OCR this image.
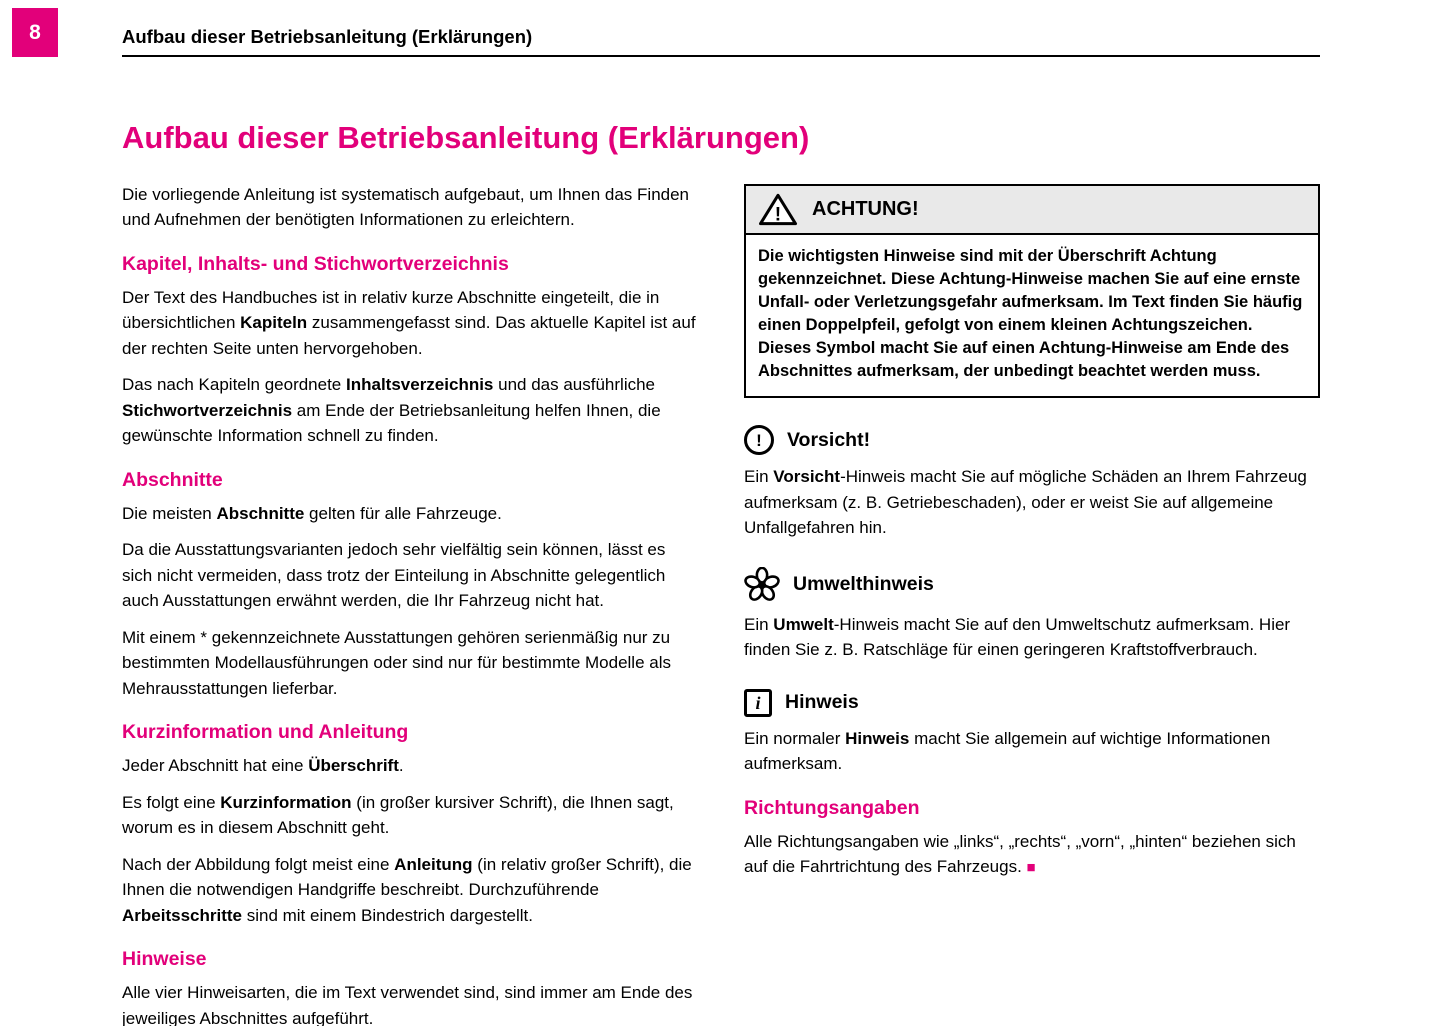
8	Aufbau dieser Betriebsanleitung (Erklärungen)
Aufbau dieser Betriebsanleitung (Erklärungen)

Die vorliegende Anleitung ist systematisch aufgebaut, um Ihnen das Finden und Aufnehmen der benötigten Informationen zu erleichtern.

Kapitel, Inhalts- und Stichwortverzeichnis

Der Text des Handbuches ist in relativ kurze Abschnitte eingeteilt, die in übersichtlichen Kapiteln zusammengefasst sind. Das aktuelle Kapitel ist auf der rechten Seite unten hervorgehoben.

Das nach Kapiteln geordnete Inhaltsverzeichnis und das ausführliche Stichwortverzeichnis am Ende der Betriebsanleitung helfen Ihnen, die gewünschte Information schnell zu finden.

Abschnitte

Die meisten Abschnitte gelten für alle Fahrzeuge.

Da die Ausstattungsvarianten jedoch sehr vielfältig sein können, lässt es sich nicht vermeiden, dass trotz der Einteilung in Abschnitte gelegentlich auch Ausstattungen erwähnt werden, die Ihr Fahrzeug nicht hat.

Mit einem * gekennzeichnete Ausstattungen gehören serienmäßig nur zu bestimmten Modellausführungen oder sind nur für bestimmte Modelle als Mehrausstattungen lieferbar.

Kurzinformation und Anleitung

Jeder Abschnitt hat eine Überschrift.

Es folgt eine Kurzinformation (in großer kursiver Schrift), die Ihnen sagt, worum es in diesem Abschnitt geht.

Nach der Abbildung folgt meist eine Anleitung (in relativ großer Schrift), die Ihnen die notwendigen Handgriffe beschreibt. Durchzuführende Arbeitsschritte sind mit einem Bindestrich dargestellt.

Hinweise

Alle vier Hinweisarten, die im Text verwendet sind, sind immer am Ende des jeweiliges Abschnittes aufgeführt.

! ACHTUNG!
Die wichtigsten Hinweise sind mit der Überschrift Achtung gekennzeichnet. Diese Achtung-Hinweise machen Sie auf eine ernste Unfall- oder Verletzungsgefahr aufmerksam. Im Text finden Sie häufig einen Doppelpfeil, gefolgt von einem kleinen Achtungszeichen. Dieses Symbol macht Sie auf einen Achtung-Hinweise am Ende des Abschnittes aufmerksam, der unbedingt beachtet werden muss.
! Vorsicht!

Ein Vorsicht-Hinweis macht Sie auf mögliche Schäden an Ihrem Fahrzeug aufmerksam (z. B. Getriebeschaden), oder er weist Sie auf allgemeine Unfallgefahren hin.

Umwelthinweis

Ein Umwelt-Hinweis macht Sie auf den Umweltschutz aufmerksam. Hier finden Sie z. B. Ratschläge für einen geringeren Kraftstoffverbrauch.

i Hinweis

Ein normaler Hinweis macht Sie allgemein auf wichtige Informationen aufmerksam.

Richtungsangaben

Alle Richtungsangaben wie „links“, „rechts“, „vorn“, „hinten“ beziehen sich auf die Fahrtrichtung des Fahrzeugs. ■
